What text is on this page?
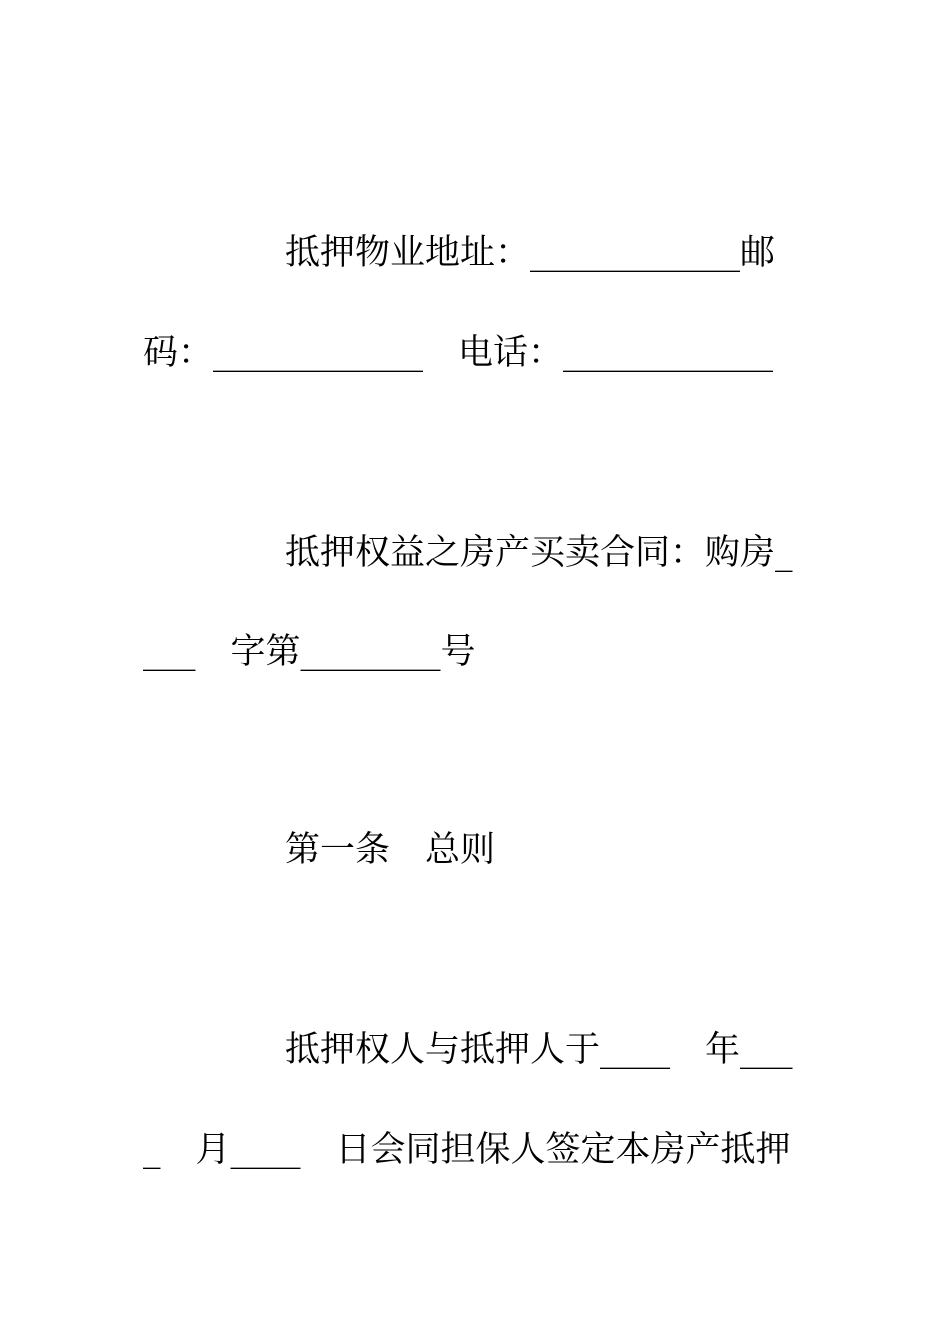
抵押物业地址：____________邮
码：____________　电话：____________
抵押权益之房产买卖合同：购房_
___　字第________号
第一条　总则
抵押权人与抵押人于____　年___
_　月____　日会同担保人签定本房产抵押
